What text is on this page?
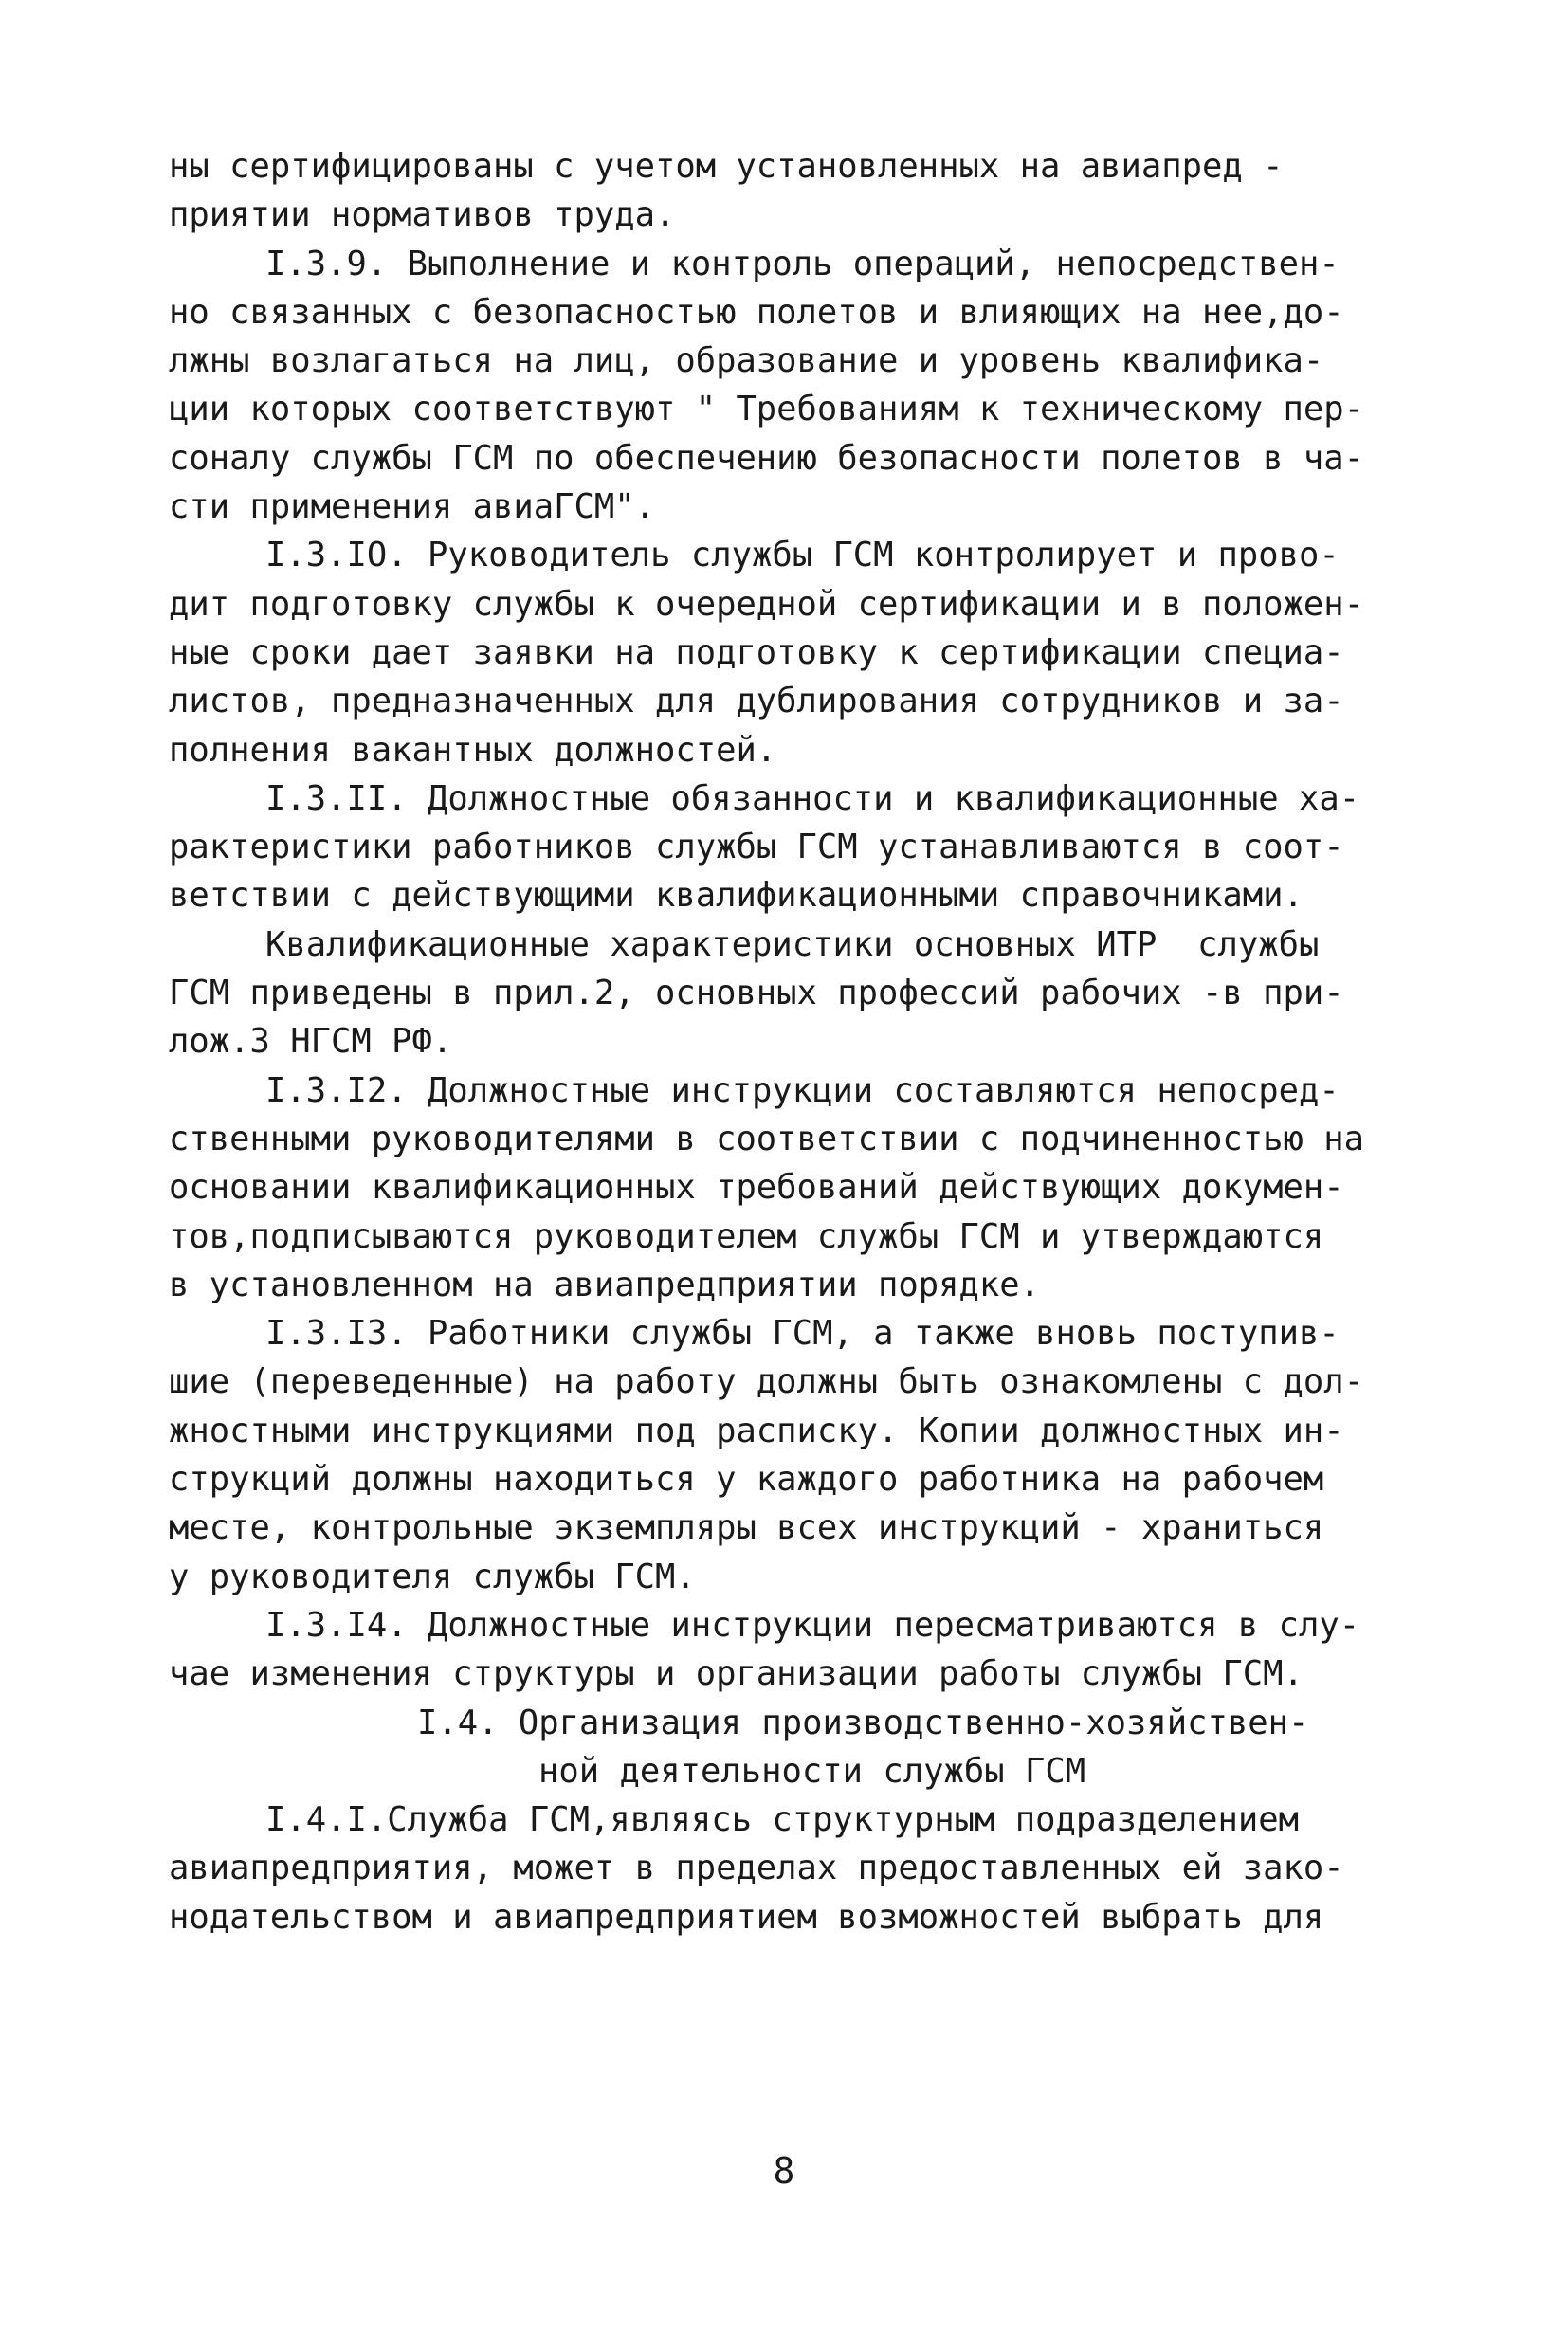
ны сертифицированы с учетом установленных на авиапред -
приятии нормативов труда.
I.3.9. Выполнение и контроль операций, непосредствен-
но связанных с безопасностью полетов и влияющих на нее,до-
лжны возлагаться на лиц, образование и уровень квалифика-
ции которых соответствуют " Требованиям к техническому пер-
соналу службы ГСМ по обеспечению безопасности полетов в ча-
сти применения авиаГСМ".
I.3.IО. Руководитель службы ГСМ контролирует и прово-
дит подготовку службы к очередной сертификации и в положен-
ные сроки дает заявки на подготовку к сертификации специа-
листов, предназначенных для дублирования сотрудников и за-
полнения вакантных должностей.
I.3.II. Должностные обязанности и квалификационные ха-
рактеристики работников службы ГСМ устанавливаются в соот-
ветствии с действующими квалификационными справочниками.
Квалификационные характеристики основных ИТР  службы
ГСМ приведены в прил.2, основных профессий рабочих -в при-
лож.3 НГСМ РФ.
I.3.I2. Должностные инструкции составляются непосред-
ственными руководителями в соответствии с подчиненностью на
основании квалификационных требований действующих докумен-
тов,подписываются руководителем службы ГСМ и утверждаются
в установленном на авиапредприятии порядке.
I.3.I3. Работники службы ГСМ, а также вновь поступив-
шие (переведенные) на работу должны быть ознакомлены с дол-
жностными инструкциями под расписку. Копии должностных ин-
струкций должны находиться у каждого работника на рабочем
месте, контрольные экземпляры всех инструкций - храниться
у руководителя службы ГСМ.
I.3.I4. Должностные инструкции пересматриваются в слу-
чае изменения структуры и организации работы службы ГСМ.
I.4. Организация производственно-хозяйствен-
ной деятельности службы ГСМ
I.4.I.Служба ГСМ,являясь структурным подразделением
авиапредприятия, может в пределах предоставленных ей зако-
нодательством и авиапредприятием возможностей выбрать для
8
